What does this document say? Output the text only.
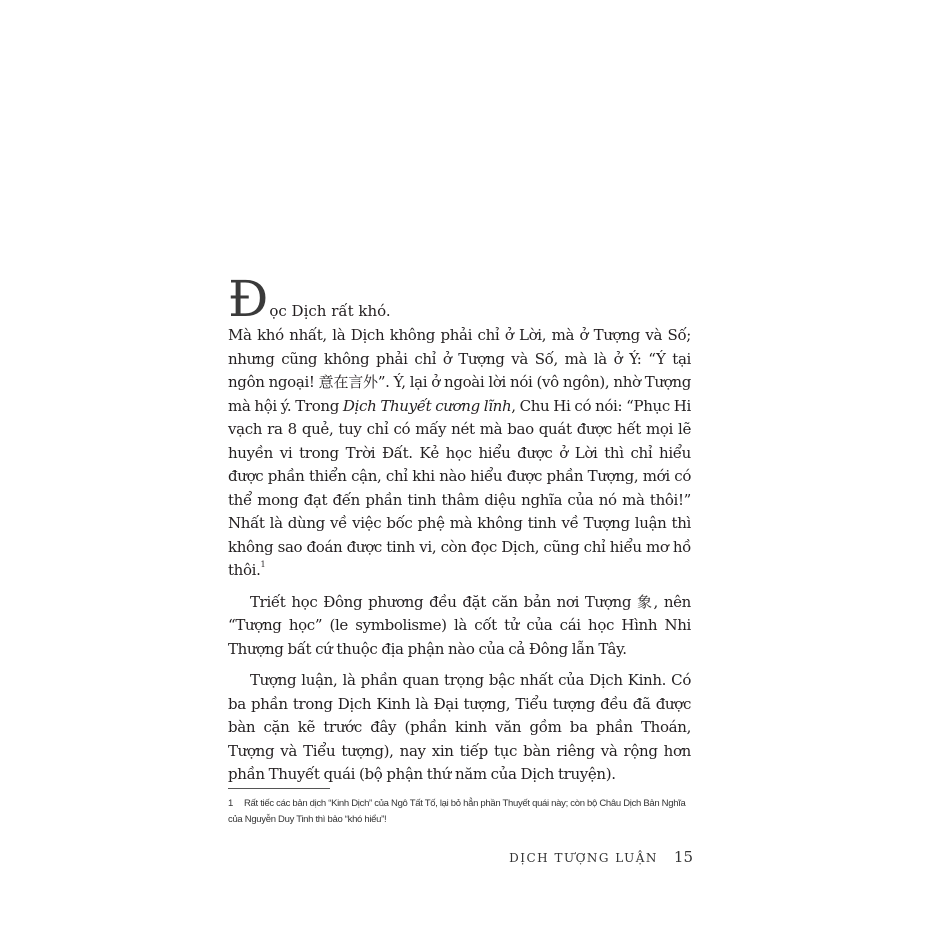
Đ ọc Dịch rất khó.

Mà khó nhất, là Dịch không phải chỉ ở Lời, mà ở Tượng và Số; nhưng cũng không phải chỉ ở Tượng và Số, mà là ở Ý: “Ý tại ngôn ngoại! 意在言外”. Ý, lại ở ngoài lời nói (vô ngôn), nhờ Tượng mà hội ý. Trong Dịch Thuyết cương lĩnh, Chu Hi có nói: “Phục Hi vạch ra 8 quẻ, tuy chỉ có mấy nét mà bao quát được hết mọi lẽ huyền vi trong Trời Đất. Kẻ học hiểu được ở Lời thì chỉ hiểu được phần thiển cận, chỉ khi nào hiểu được phần Tượng, mới có thể mong đạt đến phần tinh thâm diệu nghĩa của nó mà thôi!” Nhất là dùng về việc bốc phệ mà không tinh về Tượng luận thì không sao đoán được tinh vi, còn đọc Dịch, cũng chỉ hiểu mơ hồ thôi.$^1$

Triết học Đông phương đều đặt căn bản nơi Tượng 象, nên “Tượng học” (le symbolisme) là cốt tử của cái học Hình Nhi Thượng bất cứ thuộc địa phận nào của cả Đông lẫn Tây.

Tượng luận, là phần quan trọng bậc nhất của Dịch Kinh. Có ba phần trong Dịch Kinh là Đại tượng, Tiểu tượng đều đã được bàn cặn kẽ trước đây (phần kinh văn gồm ba phần Thoán, Tượng và Tiểu tượng), nay xin tiếp tục bàn riêng và rộng hơn phần Thuyết quái (bộ phận thứ năm của Dịch truyện).

1 Rất tiếc các bản dịch “Kinh Dịch” của Ngô Tất Tố, lại bỏ hẳn phần Thuyết quái này; còn bộ Châu Dịch Bản Nghĩa của Nguyễn Duy Tinh thì bảo “khó hiểu”!
DỊCH TƯỢNG LUẬN 15
